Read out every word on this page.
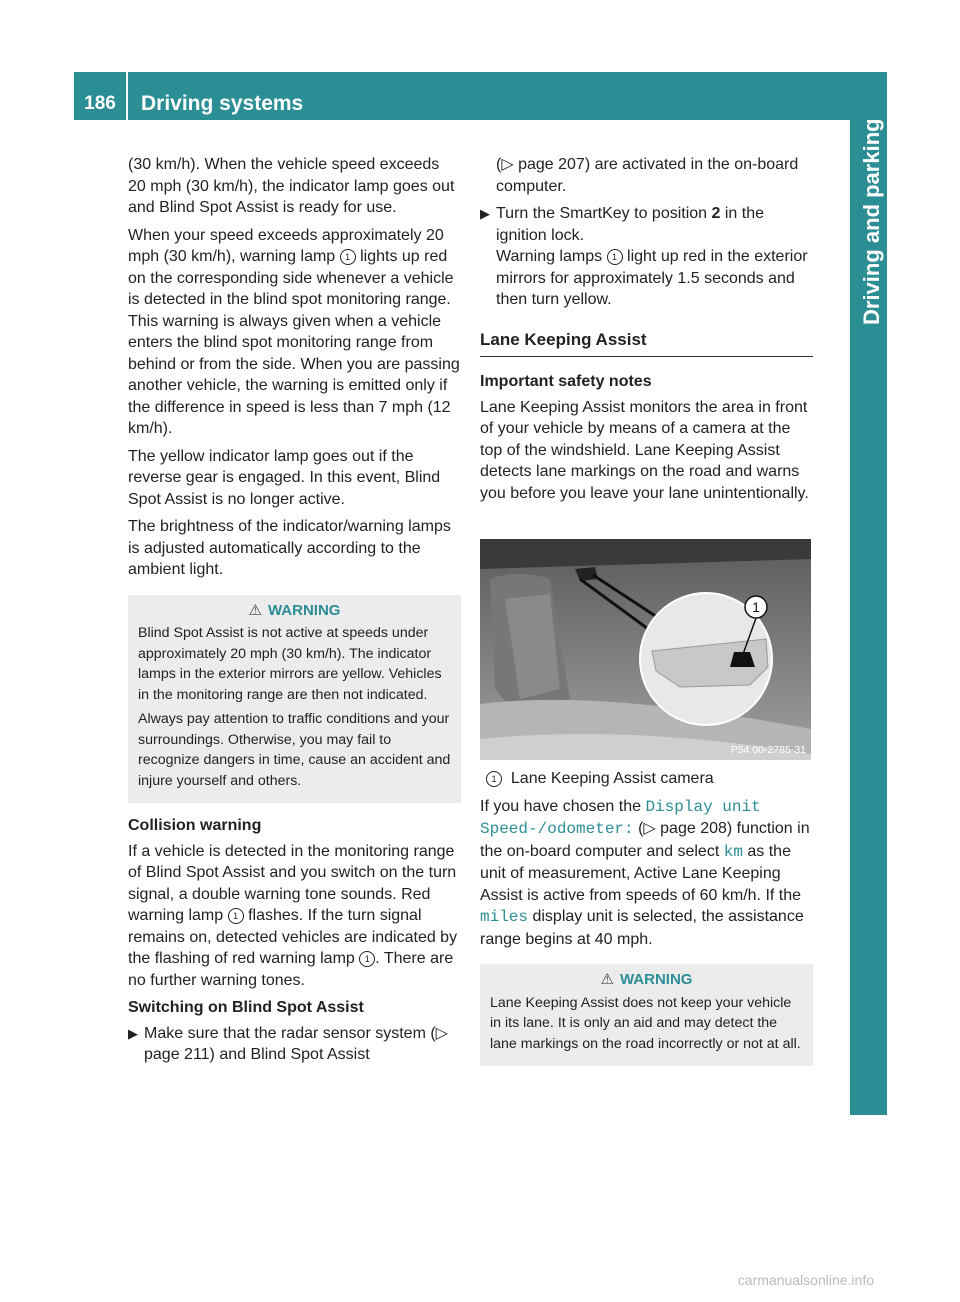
186	Driving systems
Driving and parking

(30 km/h). When the vehicle speed exceeds 20 mph (30 km/h), the indicator lamp goes out and Blind Spot Assist is ready for use.

When your speed exceeds approximately 20 mph (30 km/h), warning lamp 1 lights up red on the corresponding side whenever a vehicle is detected in the blind spot monitoring range. This warning is always given when a vehicle enters the blind spot monitoring range from behind or from the side. When you are passing another vehicle, the warning is emitted only if the difference in speed is less than 7 mph (12 km/h).

The yellow indicator lamp goes out if the reverse gear is engaged. In this event, Blind Spot Assist is no longer active.

The brightness of the indicator/warning lamps is adjusted automatically according to the ambient light.

⚠ WARNING

Blind Spot Assist is not active at speeds under approximately 20 mph (30 km/h). The indicator lamps in the exterior mirrors are yellow. Vehicles in the monitoring range are then not indicated.

Always pay attention to traffic conditions and your surroundings. Otherwise, you may fail to recognize dangers in time, cause an accident and injure yourself and others.

Collision warning

If a vehicle is detected in the monitoring range of Blind Spot Assist and you switch on the turn signal, a double warning tone sounds. Red warning lamp 1 flashes. If the turn signal remains on, detected vehicles are indicated by the flashing of red warning lamp 1 . There are no further warning tones.

Switching on Blind Spot Assist
▶ Make sure that the radar sensor system (▷ page 211) and Blind Spot Assist
(▷ page 207) are activated in the on-board computer.
▶ Turn the SmartKey to position 2 in the ignition lock.
Warning lamps 1 light up red in the exterior mirrors for approximately 1.5 seconds and then turn yellow.
Lane Keeping Assist
Important safety notes

Lane Keeping Assist monitors the area in front of your vehicle by means of a camera at the top of the windshield. Lane Keeping Assist detects lane markings on the road and warns you before you leave your lane unintentionally.

1
P54.00-2785-31

1 Lane Keeping Assist camera

If you have chosen the Display unit Speed-/odometer: (▷ page 208) function in the on-board computer and select km as the unit of measurement, Active Lane Keeping Assist is active from speeds of 60 km/h. If the miles display unit is selected, the assistance range begins at 40 mph.

⚠ WARNING

Lane Keeping Assist does not keep your vehicle in its lane. It is only an aid and may detect the lane markings on the road incorrectly or not at all.

carmanualsonline.info
